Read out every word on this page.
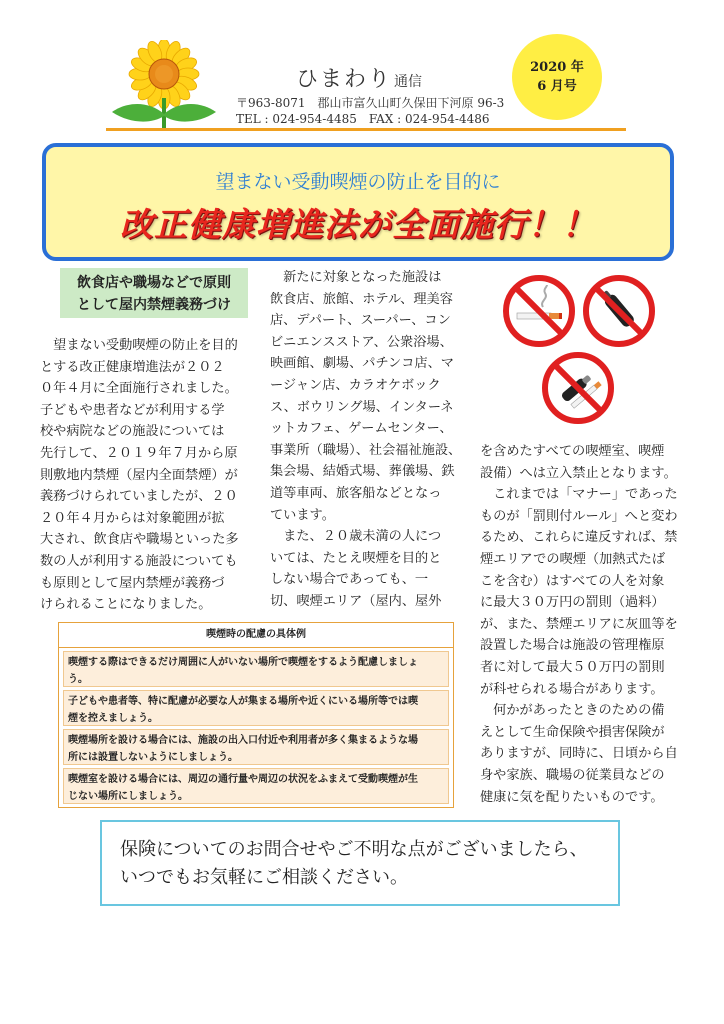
ひまわり 通信
〒963-8071　郡山市富久山町久保田下河原 96-3
TEL : 024-954-4485　FAX : 024-954-4486
2020 年
6 月号
望まない受動喫煙の防止を目的に
改正健康増進法が全面施行！！
飲食店や職場などで原則
として屋内禁煙義務づけ
　望まない受動喫煙の防止を目的
とする改正健康増進法が２０２
０年４月に全面施行されました。
子どもや患者などが利用する学
校や病院などの施設については
先行して、２０１９年７月から原
則敷地内禁煙（屋内全面禁煙）が
義務づけられていましたが、２０
２０年４月からは対象範囲が拡
大され、飲食店や職場といった多
数の人が利用する施設についても
も原則として屋内禁煙が義務づ
けられることになりました。
　新たに対象となった施設は
飲食店、旅館、ホテル、理美容
店、デパート、スーパー、コン
ビニエンスストア、公衆浴場、
映画館、劇場、パチンコ店、マ
ージャン店、カラオケボック
ス、ボウリング場、インターネ
ットカフェ、ゲームセンター、
事業所（職場）、社会福祉施設、
集会場、結婚式場、葬儀場、鉄
道等車両、旅客船などとなっ
ています。
　また、２０歳未満の人につ
いては、たとえ喫煙を目的と
しない場合であっても、一
切、喫煙エリア（屋内、屋外
を含めたすべての喫煙室、喫煙
設備）へは立入禁止となります。
　これまでは「マナー」であった
ものが「罰則付ルール」へと変わ
るため、これらに違反すれば、禁
煙エリアでの喫煙（加熱式たば
こを含む）はすべての人を対象
に最大３０万円の罰則（過料）
が、また、禁煙エリアに灰皿等を
設置した場合は施設の管理権原
者に対して最大５０万円の罰則
が科せられる場合があります。
　何かがあったときのための備
えとして生命保険や損害保険が
ありますが、同時に、日頃から自
身や家族、職場の従業員などの
健康に気を配りたいものです。
喫煙時の配慮の具体例
喫煙する際はできるだけ周囲に人がいない場所で喫煙をするよう配慮しましょ
う。
子どもや患者等、特に配慮が必要な人が集まる場所や近くにいる場所等では喫
煙を控えましょう。
喫煙場所を設ける場合には、施設の出入口付近や利用者が多く集まるような場
所には設置しないようにしましょう。
喫煙室を設ける場合には、周辺の通行量や周辺の状況をふまえて受動喫煙が生
じない場所にしましょう。
保険についてのお問合せやご不明な点がございましたら、
いつでもお気軽にご相談ください。
